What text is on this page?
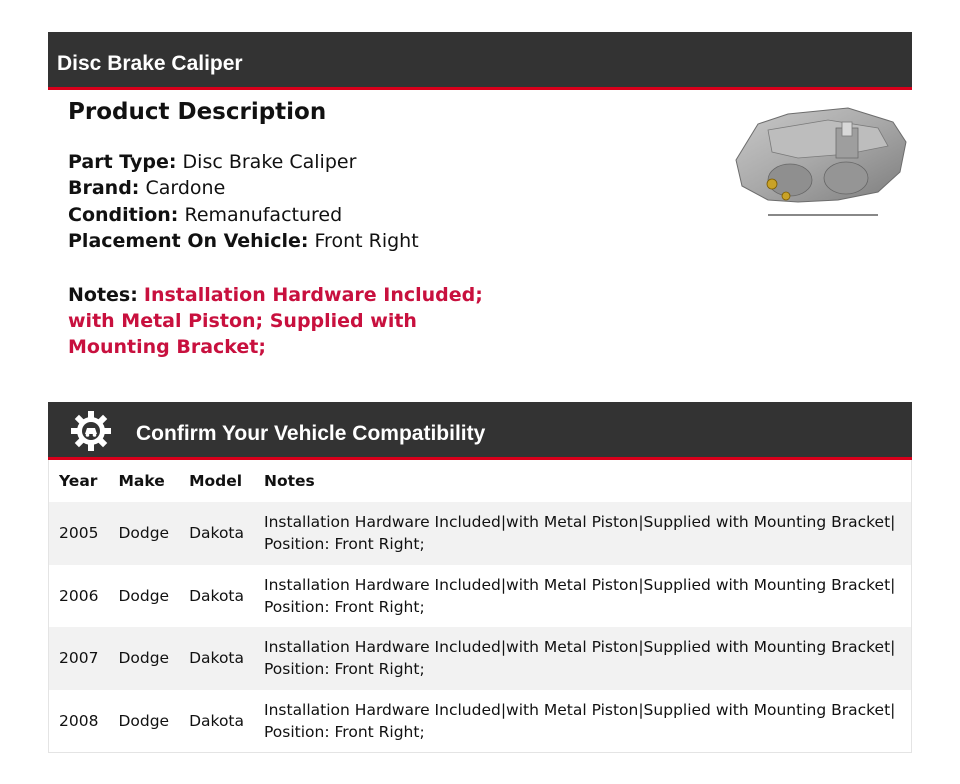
Disc Brake Caliper
Product Description
Part Type: Disc Brake Caliper
Brand: Cardone
Condition: Remanufactured
Placement On Vehicle: Front Right
Notes: Installation Hardware Included; with Metal Piston; Supplied with Mounting Bracket;
Confirm Your Vehicle Compatibility
Year	Make	Model	Notes
2005	Dodge	Dakota	Installation Hardware Included|with Metal Piston|Supplied with Mounting Bracket| Position: Front Right;
2006	Dodge	Dakota	Installation Hardware Included|with Metal Piston|Supplied with Mounting Bracket| Position: Front Right;
2007	Dodge	Dakota	Installation Hardware Included|with Metal Piston|Supplied with Mounting Bracket| Position: Front Right;
2008	Dodge	Dakota	Installation Hardware Included|with Metal Piston|Supplied with Mounting Bracket| Position: Front Right;
